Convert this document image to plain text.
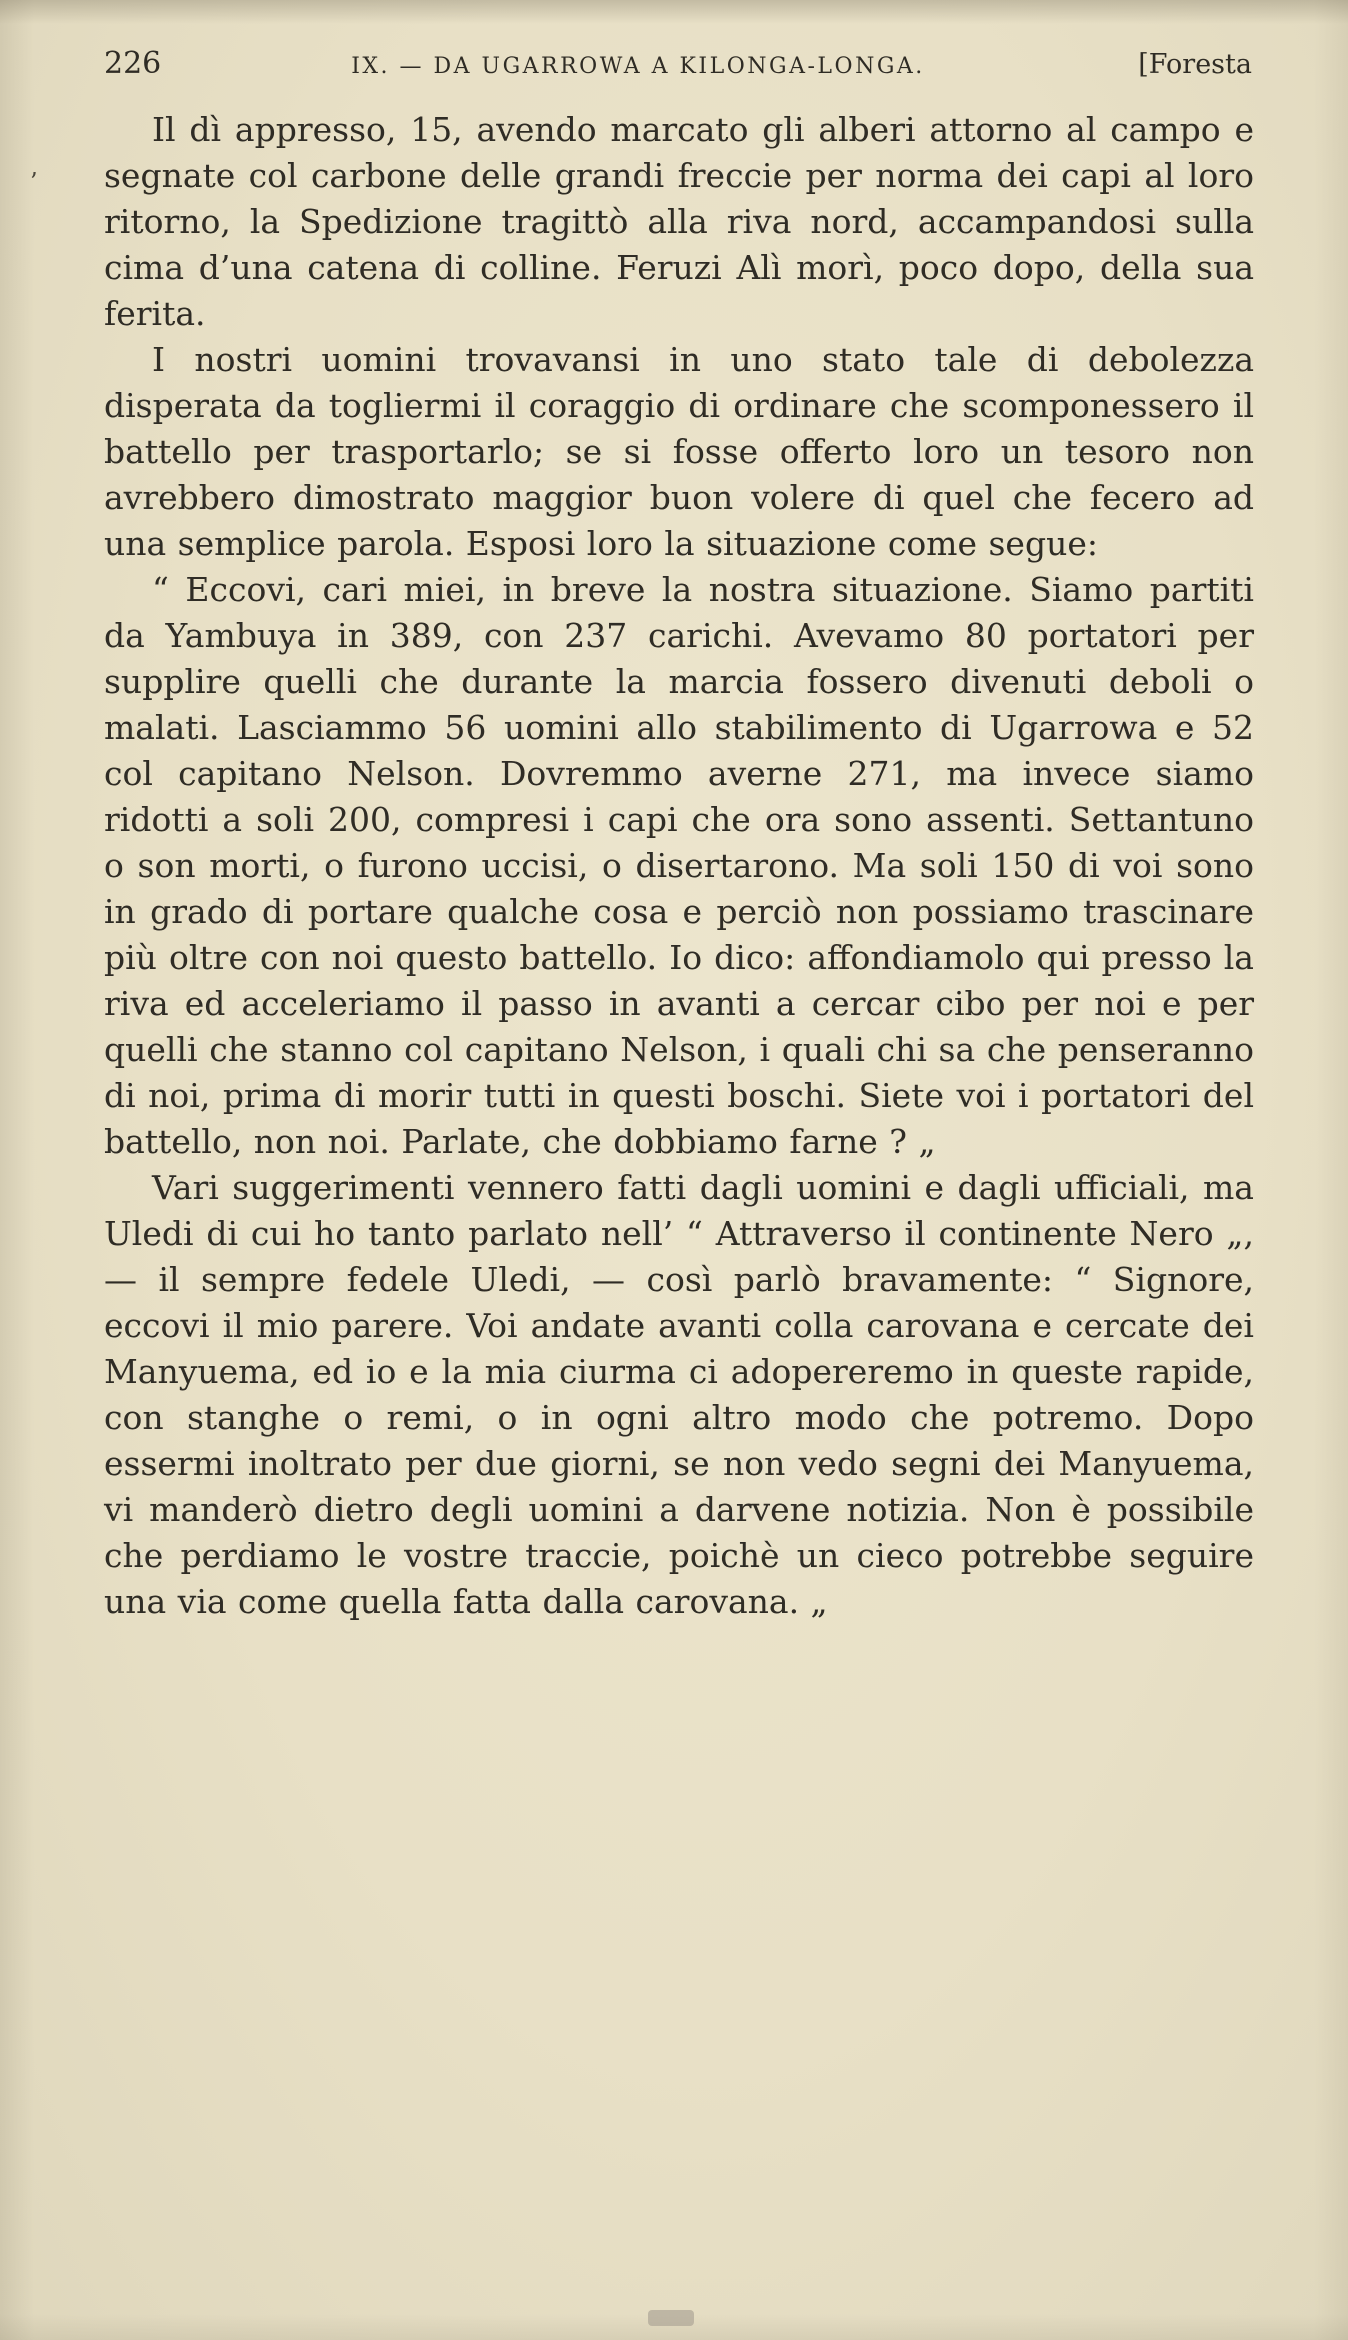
226	IX. — DA UGARROWA A KILONGA-LONGA.	[Foresta

Il dì appresso, 15, avendo marcato gli alberi attorno al campo e segnate col carbone delle grandi freccie per norma dei capi al loro ritorno, la Spedizione tragittò alla riva nord, accampandosi sulla cima d’una catena di colline. Feruzi Alì morì, poco dopo, della sua ferita.

I nostri uomini trovavansi in uno stato tale di debolezza disperata da togliermi il coraggio di ordinare che scomponessero il battello per trasportarlo; se si fosse offerto loro un tesoro non avrebbero dimostrato maggior buon volere di quel che fecero ad una semplice parola. Esposi loro la situazione come segue:

“ Eccovi, cari miei, in breve la nostra situazione. Siamo partiti da Yambuya in 389, con 237 carichi. Avevamo 80 portatori per supplire quelli che durante la marcia fossero divenuti deboli o malati. Lasciammo 56 uomini allo stabilimento di Ugarrowa e 52 col capitano Nelson. Dovremmo averne 271, ma invece siamo ridotti a soli 200, compresi i capi che ora sono assenti. Settantuno o son morti, o furono uccisi, o disertarono. Ma soli 150 di voi sono in grado di portare qualche cosa e perciò non possiamo trascinare più oltre con noi questo battello. Io dico: affondiamolo qui presso la riva ed acceleriamo il passo in avanti a cercar cibo per noi e per quelli che stanno col capitano Nelson, i quali chi sa che penseranno di noi, prima di morir tutti in questi boschi. Siete voi i portatori del battello, non noi. Parlate, che dobbiamo farne ? „

Vari suggerimenti vennero fatti dagli uomini e dagli ufficiali, ma Uledi di cui ho tanto parlato nell’ “ Attraverso il continente Nero „, — il sempre fedele Uledi, — così parlò bravamente: “ Signore, eccovi il mio parere. Voi andate avanti colla carovana e cercate dei Manyuema, ed io e la mia ciurma ci adopereremo in queste rapide, con stanghe o remi, o in ogni altro modo che potremo. Dopo essermi inoltrato per due giorni, se non vedo segni dei Manyuema, vi manderò dietro degli uomini a darvene notizia. Non è possibile che perdiamo le vostre traccie, poichè un cieco potrebbe seguire una via come quella fatta dalla carovana. „

’
